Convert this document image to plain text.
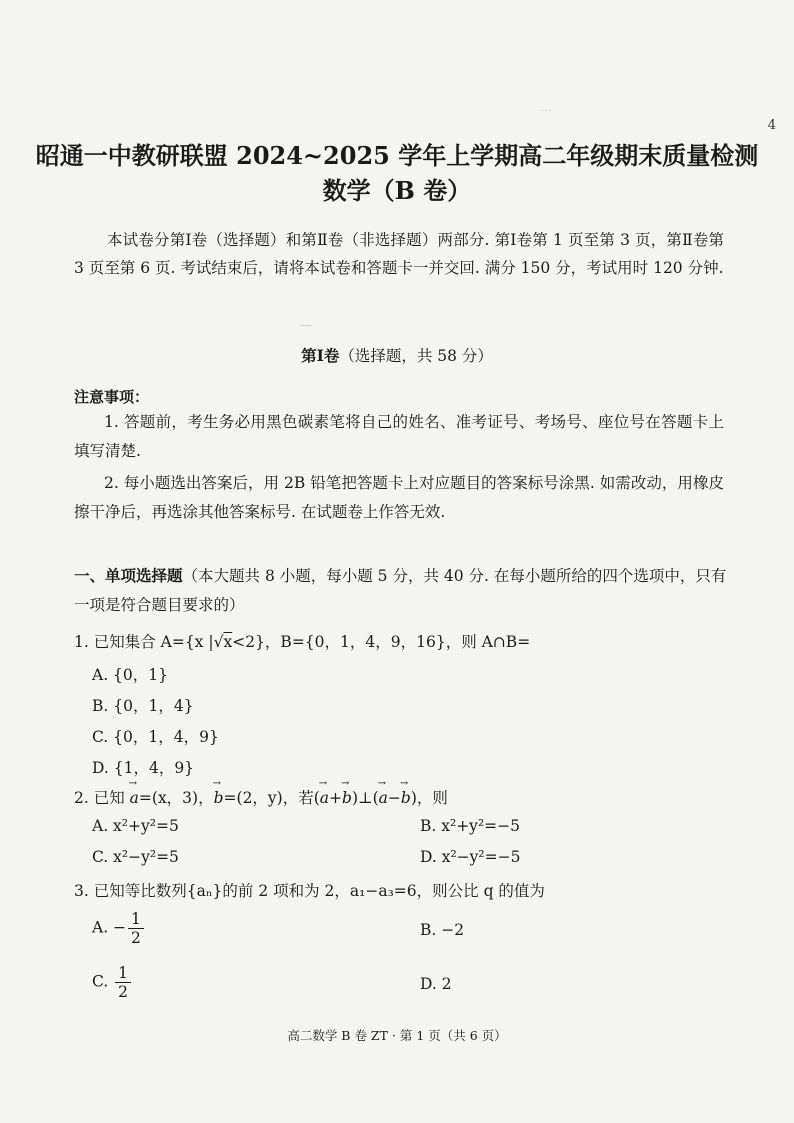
4
…
—
昭通一中教研联盟 2024~2025 学年上学期高二年级期末质量检测
数学（B 卷）
本试卷分第Ⅰ卷（选择题）和第Ⅱ卷（非选择题）两部分. 第Ⅰ卷第 1 页至第 3 页，第Ⅱ卷第 3 页至第 6 页. 考试结束后，请将本试卷和答题卡一并交回. 满分 150 分，考试用时 120 分钟.
第Ⅰ卷（选择题，共 58 分）
注意事项：
1. 答题前，考生务必用黑色碳素笔将自己的姓名、准考证号、考场号、座位号在答题卡上填写清楚.
2. 每小题选出答案后，用 2B 铅笔把答题卡上对应题目的答案标号涂黑. 如需改动，用橡皮擦干净后，再选涂其他答案标号. 在试题卷上作答无效.
一、单项选择题（本大题共 8 小题，每小题 5 分，共 40 分. 在每小题所给的四个选项中，只有一项是符合题目要求的）
1. 已知集合 A={x |√x<2}，B={0，1，4，9，16}，则 A∩B=
A. {0，1}
B. {0，1，4}
C. {0，1，4，9}
D. {1，4，9}
2. 已知 → a=(x，3)，→ b=(2，y)，若(→ a+→ b)⊥(→ a−→ b)，则
A. x²+y²=5	B. x²+y²=−5
C. x²−y²=5	D. x²−y²=−5
3. 已知等比数列{aₙ}的前 2 项和为 2，a₁−a₃=6，则公比 q 的值为
A. − $\frac{1}{2}$	B. −2
C. $\frac{1}{2}$	D. 2
高二数学 B 卷 ZT · 第 1 页（共 6 页）
